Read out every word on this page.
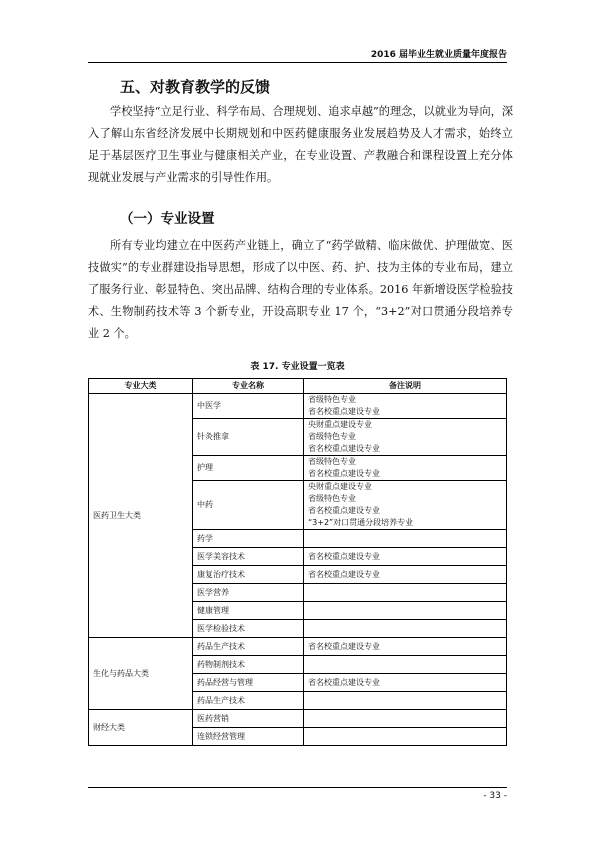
2016 届毕业生就业质量年度报告
五、对教育教学的反馈

学校坚持“立足行业、科学布局、合理规划、追求卓越”的理念，以就业为导向，深入了解山东省经济发展中长期规划和中医药健康服务业发展趋势及人才需求，始终立足于基层医疗卫生事业与健康相关产业，在专业设置、产教融合和课程设置上充分体现就业发展与产业需求的引导性作用。

（一）专业设置

所有专业均建立在中医药产业链上，确立了“药学做精、临床做优、护理做宽、医技做实”的专业群建设指导思想，形成了以中医、药、护、技为主体的专业布局，建立了服务行业、彰显特色、突出品牌、结构合理的专业体系。2016 年新增设医学检验技术、生物制药技术等 3 个新专业，开设高职专业 17 个，“3+2”对口贯通分段培养专业 2 个。

表 17. 专业设置一览表
专业大类	专业名称	备注说明
医药卫生大类	中医学	省级特色专业
省名校重点建设专业

	针灸推拿	央财重点建设专业
省级特色专业
省名校重点建设专业

	护理	省级特色专业
省名校重点建设专业

	中药	央财重点建设专业
省级特色专业
省名校重点建设专业
“3+2”对口贯通分段培养专业

	药学	
	医学美容技术	省名校重点建设专业

	康复治疗技术	省名校重点建设专业

	医学营养	
	健康管理	
	医学检验技术	
生化与药品大类	药品生产技术	省名校重点建设专业

	药物制剂技术	
	药品经营与管理	省名校重点建设专业

	药品生产技术	
财经大类	医药营销	
	连锁经营管理	
- 33 -
